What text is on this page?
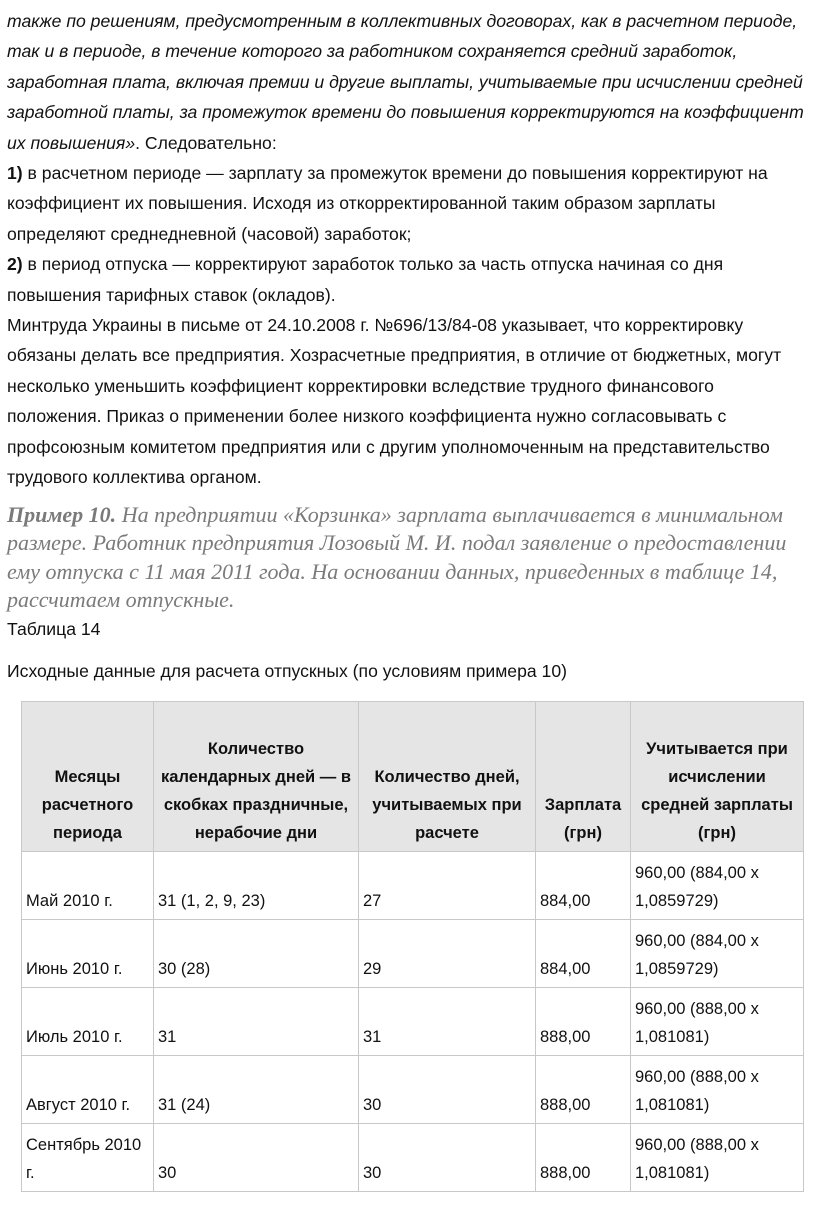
также по решениям, предусмотренным в коллективных договорах, как в расчетном периоде, так и в периоде, в течение которого за работником сохраняется средний заработок, заработная плата, включая премии и другие выплаты, учитываемые при исчислении средней заработной платы, за промежуток времени до повышения корректируются на коэффициент их повышения». Следовательно:

1) в расчетном периоде — зарплату за промежуток времени до повышения корректируют на коэффициент их повышения. Исходя из откорректированной таким образом зарплаты определяют среднедневной (часовой) заработок;

2) в период отпуска — корректируют заработок только за часть отпуска начиная со дня повышения тарифных ставок (окладов).

Минтруда Украины в письме от 24.10.2008 г. №696/13/84-08 указывает, что корректировку обязаны делать все предприятия. Хозрасчетные предприятия, в отличие от бюджетных, могут несколько уменьшить коэффициент корректировки вследствие трудного финансового положения. Приказ о применении более низкого коэффициента нужно согласовывать с профсоюзным комитетом предприятия или с другим уполномоченным на представительство трудового коллектива органом.

Пример 10. На предприятии «Корзинка» зарплата выплачивается в минимальном размере. Работник предприятия Лозовый М. И. подал заявление о предоставлении ему отпуска с 11 мая 2011 года. На основании данных, приведенных в таблице 14, рассчитаем отпускные.

Таблица 14

Исходные данные для расчета отпускных (по условиям примера 10)

Месяцы расчетного периода	Количество календарных дней — в скобках праздничные, нерабочие дни	Количество дней, учитываемых при расчете	Зарплата (грн)	Учитывается при исчислении средней зарплаты (грн)
Май 2010 г.	31 (1, 2, 9, 23)	27	884,00	960,00 (884,00 х 1,0859729)
Июнь 2010 г.	30 (28)	29	884,00	960,00 (884,00 х 1,0859729)
Июль 2010 г.	31	31	888,00	960,00 (888,00 х 1,081081)
Август 2010 г.	31 (24)	30	888,00	960,00 (888,00 х 1,081081)
Сентябрь 2010 г.	30	30	888,00	960,00 (888,00 х 1,081081)
